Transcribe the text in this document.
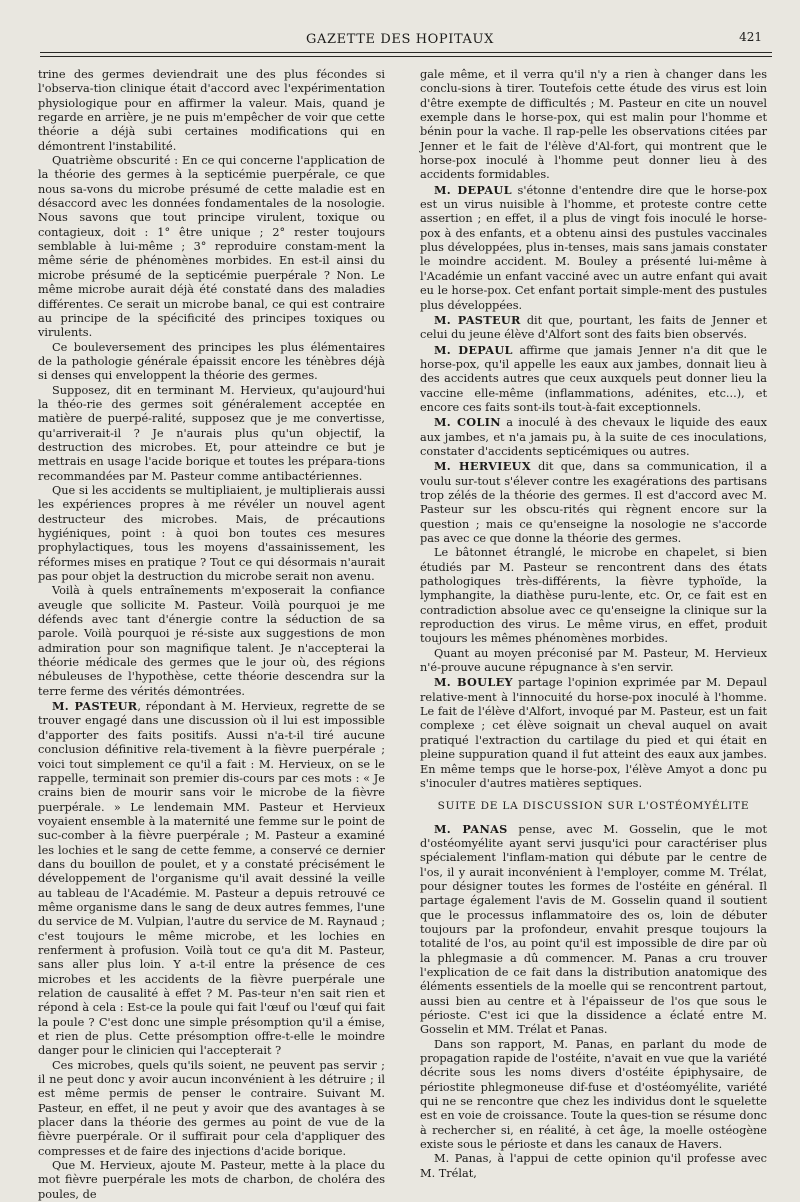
GAZETTE DES HOPITAUX	421

trine des germes deviendrait une des plus fécondes si l'observa-tion clinique était d'accord avec l'expérimentation physiologique pour en affirmer la valeur. Mais, quand je regarde en arrière, je ne puis m'empêcher de voir que cette théorie a déjà subi certaines modifications qui en démontrent l'instabilité.

Quatrième obscurité : En ce qui concerne l'application de la théorie des germes à la septicémie puerpérale, ce que nous sa-vons du microbe présumé de cette maladie est en désaccord avec les données fondamentales de la nosologie. Nous savons que tout principe virulent, toxique ou contagieux, doit : 1° être unique ; 2° rester toujours semblable à lui-même ; 3° reproduire constam-ment la même série de phénomènes morbides. En est-il ainsi du microbe présumé de la septicémie puerpérale ? Non. Le même microbe aurait déjà été constaté dans des maladies différentes. Ce serait un microbe banal, ce qui est contraire au principe de la spécificité des principes toxiques ou virulents.

Ce bouleversement des principes les plus élémentaires de la pathologie générale épaissit encore les ténèbres déjà si denses qui enveloppent la théorie des germes.

Supposez, dit en terminant M. Hervieux, qu'aujourd'hui la théo-rie des germes soit généralement acceptée en matière de puerpé-ralité, supposez que je me convertisse, qu'arriverait-il ? Je n'aurais plus qu'un objectif, la destruction des microbes. Et, pour atteindre ce but je mettrais en usage l'acide borique et toutes les prépara-tions recommandées par M. Pasteur comme antibactériennes.

Que si les accidents se multipliaient, je multiplierais aussi les expériences propres à me révéler un nouvel agent destructeur des microbes. Mais, de précautions hygiéniques, point : à quoi bon toutes ces mesures prophylactiques, tous les moyens d'assainissement, les réformes mises en pratique ? Tout ce qui désormais n'aurait pas pour objet la destruction du microbe serait non avenu.

Voilà à quels entraînements m'exposerait la confiance aveugle que sollicite M. Pasteur. Voilà pourquoi je me défends avec tant d'énergie contre la séduction de sa parole. Voilà pourquoi je ré-siste aux suggestions de mon admiration pour son magnifique talent. Je n'accepterai la théorie médicale des germes que le jour où, des régions nébuleuses de l'hypothèse, cette théorie descendra sur la terre ferme des vérités démontrées.

M. PASTEUR, répondant à M. Hervieux, regrette de se trouver engagé dans une discussion où il lui est impossible d'apporter des faits positifs. Aussi n'a-t-il tiré aucune conclusion définitive rela-tivement à la fièvre puerpérale ; voici tout simplement ce qu'il a fait : M. Hervieux, on se le rappelle, terminait son premier dis-cours par ces mots : « Je crains bien de mourir sans voir le microbe de la fièvre puerpérale. » Le lendemain MM. Pasteur et Hervieux voyaient ensemble à la maternité une femme sur le point de suc-comber à la fièvre puerpérale ; M. Pasteur a examiné les lochies et le sang de cette femme, a conservé ce dernier dans du bouillon de poulet, et y a constaté précisément le développement de l'organisme qu'il avait dessiné la veille au tableau de l'Académie. M. Pasteur a depuis retrouvé ce même organisme dans le sang de deux autres femmes, l'une du service de M. Vulpian, l'autre du service de M. Raynaud ; c'est toujours le même microbe, et les lochies en renferment à profusion. Voilà tout ce qu'a dit M. Pasteur, sans aller plus loin. Y a-t-il entre la présence de ces microbes et les accidents de la fièvre puerpérale une relation de causalité à effet ? M. Pas-teur n'en sait rien et répond à cela : Est-ce la poule qui fait l'œuf ou l'œuf qui fait la poule ? C'est donc une simple présomption qu'il a émise, et rien de plus. Cette présomption offre-t-elle le moindre danger pour le clinicien qui l'accepterait ?

Ces microbes, quels qu'ils soient, ne peuvent pas servir ; il ne peut donc y avoir aucun inconvénient à les détruire ; il est même permis de penser le contraire. Suivant M. Pasteur, en effet, il ne peut y avoir que des avantages à se placer dans la théorie des germes au point de vue de la fièvre puerpérale. Or il suffirait pour cela d'appliquer des compresses et de faire des injections d'acide borique.

Que M. Hervieux, ajoute M. Pasteur, mette à la place du mot fièvre puerpérale les mots de charbon, de choléra des poules, de

gale même, et il verra qu'il n'y a rien à changer dans les conclu-sions à tirer. Toutefois cette étude des virus est loin d'être exempte de difficultés ; M. Pasteur en cite un nouvel exemple dans le horse-pox, qui est malin pour l'homme et bénin pour la vache. Il rap-pelle les observations citées par Jenner et le fait de l'élève d'Al-fort, qui montrent que le horse-pox inoculé à l'homme peut donner lieu à des accidents formidables.

M. DEPAUL s'étonne d'entendre dire que le horse-pox est un virus nuisible à l'homme, et proteste contre cette assertion ; en effet, il a plus de vingt fois inoculé le horse-pox à des enfants, et a obtenu ainsi des pustules vaccinales plus développées, plus in-tenses, mais sans jamais constater le moindre accident. M. Bouley a présenté lui-même à l'Académie un enfant vacciné avec un autre enfant qui avait eu le horse-pox. Cet enfant portait simple-ment des pustules plus développées.

M. PASTEUR dit que, pourtant, les faits de Jenner et celui du jeune élève d'Alfort sont des faits bien observés.

M. DEPAUL affirme que jamais Jenner n'a dit que le horse-pox, qu'il appelle les eaux aux jambes, donnait lieu à des accidents autres que ceux auxquels peut donner lieu la vaccine elle-même (inflammations, adénites, etc...), et encore ces faits sont-ils tout-à-fait exceptionnels.

M. COLIN a inoculé à des chevaux le liquide des eaux aux jambes, et n'a jamais pu, à la suite de ces inoculations, constater d'accidents septicémiques ou autres.

M. HERVIEUX dit que, dans sa communication, il a voulu sur-tout s'élever contre les exagérations des partisans trop zélés de la théorie des germes. Il est d'accord avec M. Pasteur sur les obscu-rités qui règnent encore sur la question ; mais ce qu'enseigne la nosologie ne s'accorde pas avec ce que donne la théorie des germes.

Le bâtonnet étranglé, le microbe en chapelet, si bien étudiés par M. Pasteur se rencontrent dans des états pathologiques très-différents, la fièvre typhoïde, la lymphangite, la diathèse puru-lente, etc. Or, ce fait est en contradiction absolue avec ce qu'enseigne la clinique sur la reproduction des virus. Le même virus, en effet, produit toujours les mêmes phénomènes morbides.

Quant au moyen préconisé par M. Pasteur, M. Hervieux n'é-prouve aucune répugnance à s'en servir.

M. BOULEY partage l'opinion exprimée par M. Depaul relative-ment à l'innocuité du horse-pox inoculé à l'homme. Le fait de l'élève d'Alfort, invoqué par M. Pasteur, est un fait complexe ; cet élève soignait un cheval auquel on avait pratiqué l'extraction du cartilage du pied et qui était en pleine suppuration quand il fut atteint des eaux aux jambes. En même temps que le horse-pox, l'élève Amyot a donc pu s'inoculer d'autres matières septiques.

SUITE DE LA DISCUSSION SUR L'OSTÉOMYÉLITE

M. PANAS pense, avec M. Gosselin, que le mot d'ostéomyélite ayant servi jusqu'ici pour caractériser plus spécialement l'inflam-mation qui débute par le centre de l'os, il y aurait inconvénient à l'employer, comme M. Trélat, pour désigner toutes les formes de l'ostéite en général. Il partage également l'avis de M. Gosselin quand il soutient que le processus inflammatoire des os, loin de débuter toujours par la profondeur, envahit presque toujours la totalité de l'os, au point qu'il est impossible de dire par où la phlegmasie a dû commencer. M. Panas a cru trouver l'explication de ce fait dans la distribution anatomique des éléments essentiels de la moelle qui se rencontrent partout, aussi bien au centre et à l'épaisseur de l'os que sous le périoste. C'est ici que la dissidence a éclaté entre M. Gosselin et MM. Trélat et Panas.

Dans son rapport, M. Panas, en parlant du mode de propagation rapide de l'ostéite, n'avait en vue que la variété décrite sous les noms divers d'ostéite épiphysaire, de périostite phlegmoneuse dif-fuse et d'ostéomyélite, variété qui ne se rencontre que chez les individus dont le squelette est en voie de croissance. Toute la ques-tion se résume donc à rechercher si, en réalité, à cet âge, la moelle ostéogène existe sous le périoste et dans les canaux de Havers.

M. Panas, à l'appui de cette opinion qu'il professe avec M. Trélat,
